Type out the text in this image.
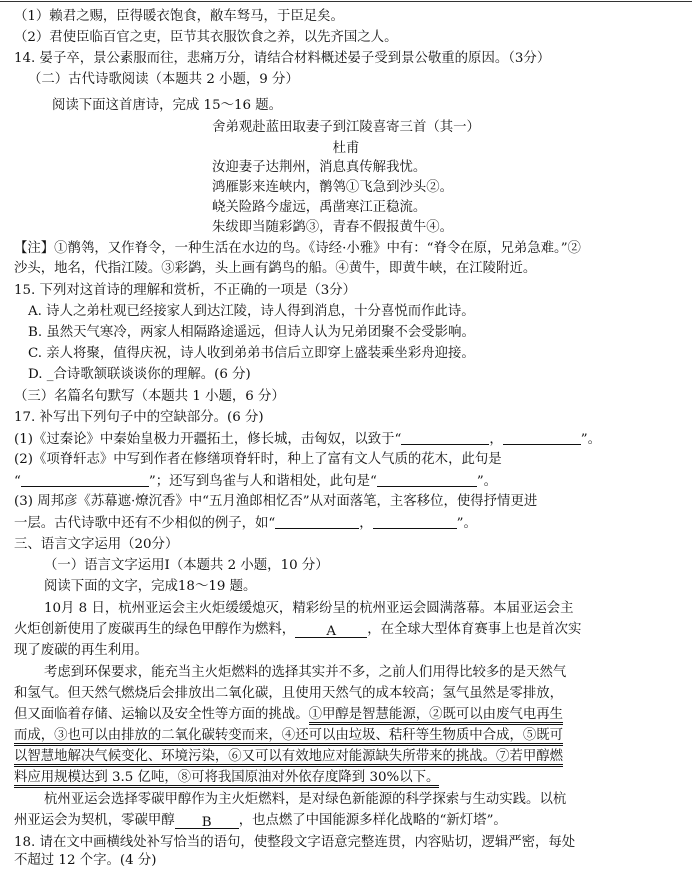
（1）赖君之赐，臣得暖衣饱食，敝车驽马，于臣足矣。
（2）君使臣临百官之吏，臣节其衣服饮食之养，以先齐国之人。
14. 晏子卒，景公素服而往，悲痛万分，请结合材料概述晏子受到景公敬重的原因。（3分）
（二）古代诗歌阅读（本题共 2 小题，9 分）
阅读下面这首唐诗，完成 15～16 题。
舍弟观赴蓝田取妻子到江陵喜寄三首（其一）
杜甫
汝迎妻子达荆州，消息真传解我忧。
鸿雁影来连峡内，鹡鸰①飞急到沙头②。
峣关险路今虚远，禹凿寒江正稳流。
朱绂即当随彩鹢③，青春不假报黄牛④。
【注】①鹡鸰，又作脊令，一种生活在水边的鸟。《诗经·小雅》中有：“脊令在原，兄弟急难。”②
沙头，地名，代指江陵。③彩鹢，头上画有鹢鸟的船。④黄牛，即黄牛峡，在江陵附近。
15. 下列对这首诗的理解和赏析，不正确的一项是（3分）
A. 诗人之弟杜观已经接家人到达江陵，诗人得到消息，十分喜悦而作此诗。
B. 虽然天气寒冷，两家人相隔路途遥远，但诗人认为兄弟团聚不会受影响。
C. 亲人将聚，值得庆祝，诗人收到弟弟书信后立即穿上盛装乘坐彩舟迎接。
D. _合诗歌颔联谈谈你的理解。(6 分)
（三）名篇名句默写（本题共 1 小题，6 分）
17. 补写出下列句子中的空缺部分。(6 分)
(1)《过秦论》中秦始皇极力开疆拓土，修长城，击匈奴，以致于“	，	”。
(2)《项脊轩志》中写到作者在修缮项脊轩时，种上了富有文人气质的花木，此句是
“	”；还写到鸟雀与人和谐相处，此句是“	”。
(3) 周邦彦《苏幕遮·燎沉香》中“五月渔郎相忆否”从对面落笔，主客移位，使得抒情更进
一层。古代诗歌中还有不少相似的例子，如“	，	”。
三、语言文字运用（20分）
（一）语言文字运用Ⅰ（本题共 2 小题，10 分）
阅读下面的文字，完成18～19 题。
10月 8 日，杭州亚运会主火炬缓缓熄灭，精彩纷呈的杭州亚运会圆满落幕。本届亚运会主
火炬创新使用了废碳再生的绿色甲醇作为燃料， A ，在全球大型体育赛事上也是首次实
现了废碳的再生利用。
考虑到环保要求，能充当主火炬燃料的选择其实并不多，之前人们用得比较多的是天然气
和氢气。但天然气燃烧后会排放出二氧化碳，且使用天然气的成本较高；氢气虽然是零排放，
但又面临着存储、运输以及安全性等方面的挑战。①甲醇是智慧能源，②既可以由废气电再生
而成，③也可以由排放的二氧化碳转变而来，④还可以由垃圾、秸秆等生物质中合成，⑤既可
以智慧地解决气候变化、环境污染，⑥又可以有效地应对能源缺失所带来的挑战。⑦若甲醇燃
料应用规模达到 3.5 亿吨，⑧可将我国原油对外依存度降到 30%以下。
杭州亚运会选择零碳甲醇作为主火炬燃料，是对绿色新能源的科学探索与生动实践。以杭
州亚运会为契机，零碳甲醇 B ，也点燃了中国能源多样化战略的“新灯塔”。
18. 请在文中画横线处补写恰当的语句，使整段文字语意完整连贯，内容贴切，逻辑严密，每处
不超过 12 个字。(4 分)
